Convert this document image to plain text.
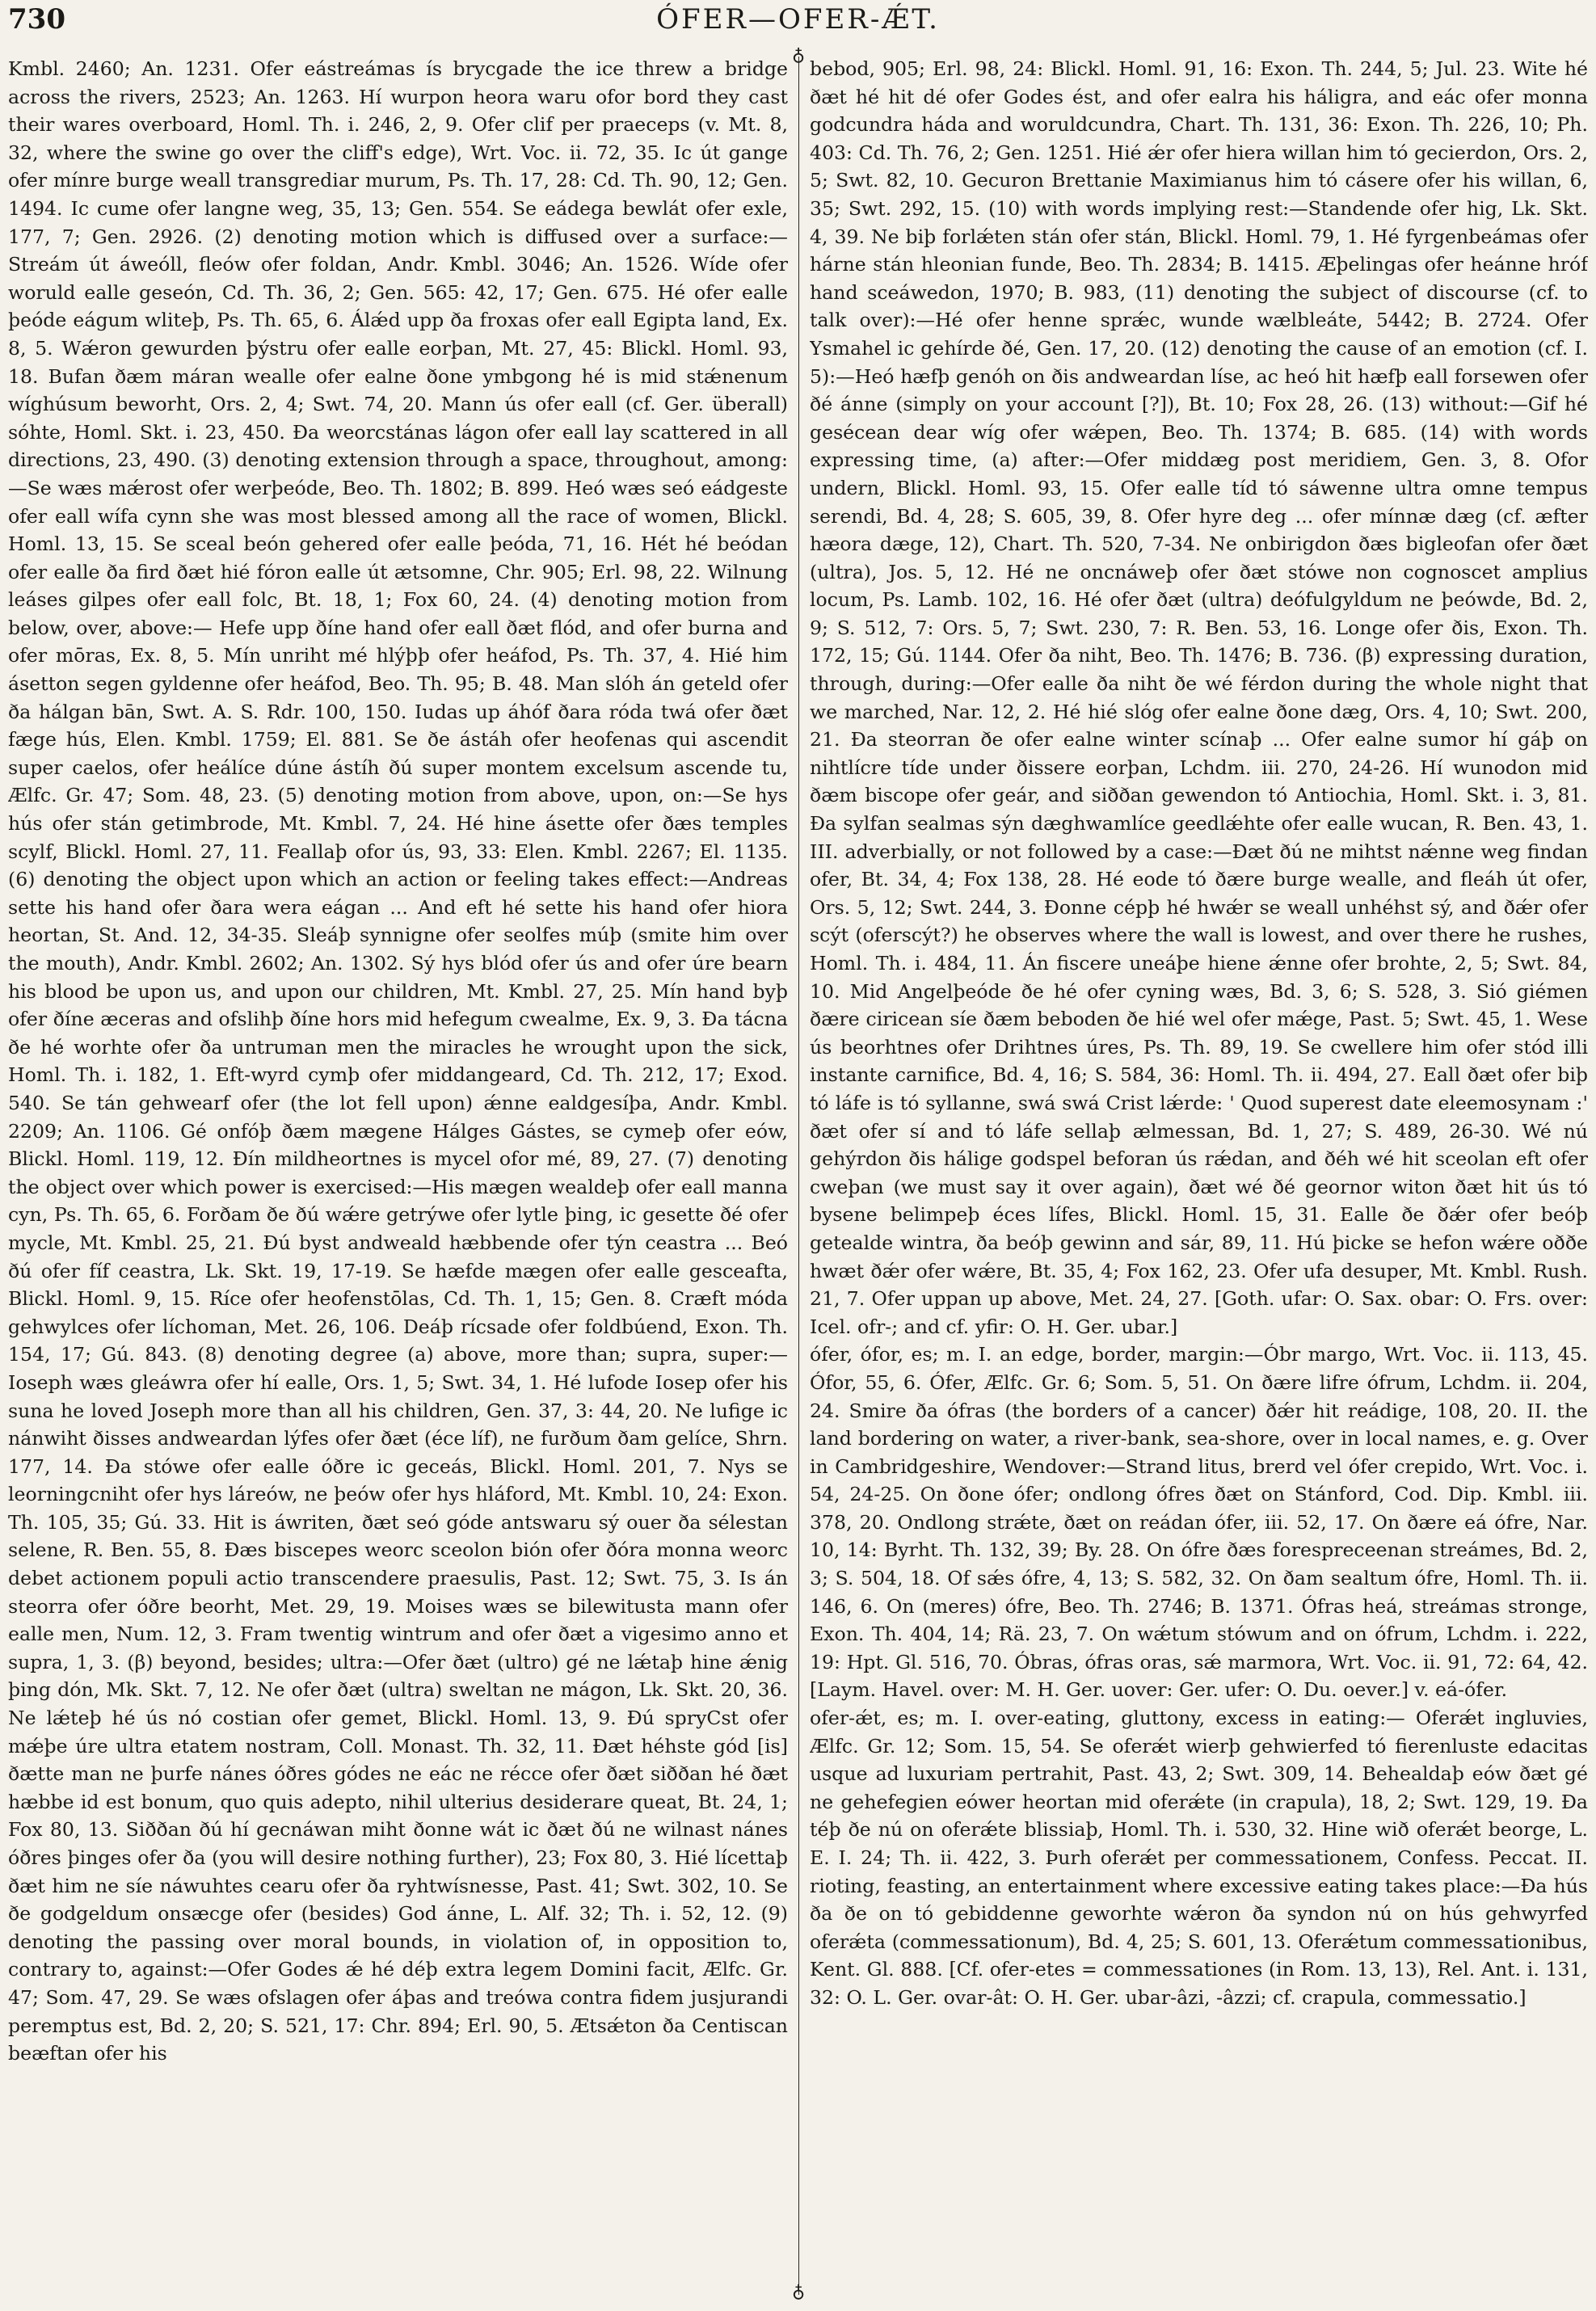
730	ÓFER—OFER-ǼT.
♁
♁

Kmbl. 2460; An. 1231. Ofer eástreámas ís brycgade the ice threw a bridge across the rivers, 2523; An. 1263. Hí wurpon heora waru ofor bord they cast their wares overboard, Homl. Th. i. 246, 2, 9. Ofer clif per praeceps (v. Mt. 8, 32, where the swine go over the cliff's edge), Wrt. Voc. ii. 72, 35. Ic út gange ofer mínre burge weall transgrediar murum, Ps. Th. 17, 28: Cd. Th. 90, 12; Gen. 1494. Ic cume ofer langne weg, 35, 13; Gen. 554. Se eádega bewlát ofer exle, 177, 7; Gen. 2926. (2) denoting motion which is diffused over a surface:— Streám út áweóll, fleów ofer foldan, Andr. Kmbl. 3046; An. 1526. Wíde ofer woruld ealle geseón, Cd. Th. 36, 2; Gen. 565: 42, 17; Gen. 675. Hé ofer ealle þeóde eágum wliteþ, Ps. Th. 65, 6. Álǽd upp ða froxas ofer eall Egipta land, Ex. 8, 5. Wǽron gewurden þýstru ofer ealle eorþan, Mt. 27, 45: Blickl. Homl. 93, 18. Bufan ðæm máran wealle ofer ealne ðone ymbgong hé is mid stǽnenum wíghúsum beworht, Ors. 2, 4; Swt. 74, 20. Mann ús ofer eall (cf. Ger. überall) sóhte, Homl. Skt. i. 23, 450. Ða weorcstánas lágon ofer eall lay scattered in all directions, 23, 490. (3) denoting extension through a space, throughout, among:—Se wæs mǽrost ofer werþeóde, Beo. Th. 1802; B. 899. Heó wæs seó eádgeste ofer eall wífa cynn she was most blessed among all the race of women, Blickl. Homl. 13, 15. Se sceal beón gehered ofer ealle þeóda, 71, 16. Hét hé beódan ofer ealle ða fird ðæt hié fóron ealle út ætsomne, Chr. 905; Erl. 98, 22. Wilnung leáses gilpes ofer eall folc, Bt. 18, 1; Fox 60, 24. (4) denoting motion from below, over, above:— Hefe upp ðíne hand ofer eall ðæt flód, and ofer burna and ofer mōras, Ex. 8, 5. Mín unriht mé hlýþþ ofer heáfod, Ps. Th. 37, 4. Hié him ásetton segen gyldenne ofer heáfod, Beo. Th. 95; B. 48. Man slóh án geteld ofer ða hálgan bān, Swt. A. S. Rdr. 100, 150. Iudas up áhóf ðara róda twá ofer ðæt fæge hús, Elen. Kmbl. 1759; El. 881. Se ðe ástáh ofer heofenas qui ascendit super caelos, ofer heálíce dúne ástíh ðú super montem excelsum ascende tu, Ælfc. Gr. 47; Som. 48, 23. (5) denoting motion from above, upon, on:—Se hys hús ofer stán getimbrode, Mt. Kmbl. 7, 24. Hé hine ásette ofer ðæs temples scylf, Blickl. Homl. 27, 11. Feallaþ ofor ús, 93, 33: Elen. Kmbl. 2267; El. 1135. (6) denoting the object upon which an action or feeling takes effect:—Andreas sette his hand ofer ðara wera eágan ... And eft hé sette his hand ofer hiora heortan, St. And. 12, 34-35. Sleáþ synnigne ofer seolfes múþ (smite him over the mouth), Andr. Kmbl. 2602; An. 1302. Sý hys blód ofer ús and ofer úre bearn his blood be upon us, and upon our children, Mt. Kmbl. 27, 25. Mín hand byþ ofer ðíne æceras and ofslihþ ðíne hors mid hefegum cwealme, Ex. 9, 3. Ða tácna ðe hé worhte ofer ða untruman men the miracles he wrought upon the sick, Homl. Th. i. 182, 1. Eft-wyrd cymþ ofer middangeard, Cd. Th. 212, 17; Exod. 540. Se tán gehwearf ofer (the lot fell upon) ǽnne ealdgesíþa, Andr. Kmbl. 2209; An. 1106. Gé onfóþ ðæm mægene Hálges Gástes, se cymeþ ofer eów, Blickl. Homl. 119, 12. Ðín mildheortnes is mycel ofor mé, 89, 27. (7) denoting the object over which power is exercised:—His mægen wealdeþ ofer eall manna cyn, Ps. Th. 65, 6. Forðam ðe ðú wǽre getrýwe ofer lytle þing, ic gesette ðé ofer mycle, Mt. Kmbl. 25, 21. Ðú byst andweald hæbbende ofer týn ceastra ... Beó ðú ofer fíf ceastra, Lk. Skt. 19, 17-19. Se hæfde mægen ofer ealle gesceafta, Blickl. Homl. 9, 15. Ríce ofer heofenstōlas, Cd. Th. 1, 15; Gen. 8. Cræft móda gehwylces ofer líchoman, Met. 26, 106. Deáþ rícsade ofer foldbúend, Exon. Th. 154, 17; Gú. 843. (8) denoting degree (a) above, more than; supra, super:—Ioseph wæs gleáwra ofer hí ealle, Ors. 1, 5; Swt. 34, 1. Hé lufode Iosep ofer his suna he loved Joseph more than all his children, Gen. 37, 3: 44, 20. Ne lufige ic nánwiht ðisses andweardan lýfes ofer ðæt (éce líf), ne furðum ðam gelíce, Shrn. 177, 14. Ða stówe ofer ealle óðre ic geceás, Blickl. Homl. 201, 7. Nys se leorningcniht ofer hys láreów, ne þeów ofer hys hláford, Mt. Kmbl. 10, 24: Exon. Th. 105, 35; Gú. 33. Hit is áwriten, ðæt seó góde antswaru sý ouer ða sélestan selene, R. Ben. 55, 8. Ðæs biscepes weorc sceolon bión ofer ðóra monna weorc debet actionem populi actio transcendere praesulis, Past. 12; Swt. 75, 3. Is án steorra ofer óðre beorht, Met. 29, 19. Moises wæs se bilewitusta mann ofer ealle men, Num. 12, 3. Fram twentig wintrum and ofer ðæt a vigesimo anno et supra, 1, 3. (β) beyond, besides; ultra:—Ofer ðæt (ultro) gé ne lǽtaþ hine ǽnig þing dón, Mk. Skt. 7, 12. Ne ofer ðæt (ultra) sweltan ne mágon, Lk. Skt. 20, 36. Ne lǽteþ hé ús nó costian ofer gemet, Blickl. Homl. 13, 9. Ðú spryCst ofer mǽþe úre ultra etatem nostram, Coll. Monast. Th. 32, 11. Ðæt héhste gód [is] ðætte man ne þurfe nánes óðres gódes ne eác ne récce ofer ðæt siððan hé ðæt hæbbe id est bonum, quo quis adepto, nihil ulterius desiderare queat, Bt. 24, 1; Fox 80, 13. Siððan ðú hí gecnáwan miht ðonne wát ic ðæt ðú ne wilnast nánes óðres þinges ofer ða (you will desire nothing further), 23; Fox 80, 3. Hié lícettaþ ðæt him ne síe náwuhtes cearu ofer ða ryhtwísnesse, Past. 41; Swt. 302, 10. Se ðe godgeldum onsæcge ofer (besides) God ánne, L. Alf. 32; Th. i. 52, 12. (9) denoting the passing over moral bounds, in violation of, in opposition to, contrary to, against:—Ofer Godes ǽ hé déþ extra legem Domini facit, Ælfc. Gr. 47; Som. 47, 29. Se wæs ofslagen ofer áþas and treówa contra fidem jusjurandi peremptus est, Bd. 2, 20; S. 521, 17: Chr. 894; Erl. 90, 5. Ætsǽton ða Centiscan beæftan ofer his

bebod, 905; Erl. 98, 24: Blickl. Homl. 91, 16: Exon. Th. 244, 5; Jul. 23. Wite hé ðæt hé hit dé ofer Godes ést, and ofer ealra his háligra, and eác ofer monna godcundra háda and woruldcundra, Chart. Th. 131, 36: Exon. Th. 226, 10; Ph. 403: Cd. Th. 76, 2; Gen. 1251. Hié ǽr ofer hiera willan him tó gecierdon, Ors. 2, 5; Swt. 82, 10. Gecuron Brettanie Maximianus him tó cásere ofer his willan, 6, 35; Swt. 292, 15. (10) with words implying rest:—Standende ofer hig, Lk. Skt. 4, 39. Ne biþ forlǽten stán ofer stán, Blickl. Homl. 79, 1. Hé fyrgenbeámas ofer hárne stán hleonian funde, Beo. Th. 2834; B. 1415. Æþelingas ofer heánne hróf hand sceáwedon, 1970; B. 983, (11) denoting the subject of discourse (cf. to talk over):—Hé ofer henne sprǽc, wunde wælbleáte, 5442; B. 2724. Ofer Ysmahel ic gehírde ðé, Gen. 17, 20. (12) denoting the cause of an emotion (cf. I. 5):—Heó hæfþ genóh on ðis andweardan líse, ac heó hit hæfþ eall forsewen ofer ðé ánne (simply on your account [?]), Bt. 10; Fox 28, 26. (13) without:—Gif hé gesécean dear wíg ofer wǽpen, Beo. Th. 1374; B. 685. (14) with words expressing time, (a) after:—Ofer middæg post meridiem, Gen. 3, 8. Ofor undern, Blickl. Homl. 93, 15. Ofer ealle tíd tó sáwenne ultra omne tempus serendi, Bd. 4, 28; S. 605, 39, 8. Ofer hyre deg ... ofer mínnæ dæg (cf. æfter hæora dæge, 12), Chart. Th. 520, 7-34. Ne onbirigdon ðæs bigleofan ofer ðæt (ultra), Jos. 5, 12. Hé ne oncnáweþ ofer ðæt stówe non cognoscet amplius locum, Ps. Lamb. 102, 16. Hé ofer ðæt (ultra) deófulgyldum ne þeówde, Bd. 2, 9; S. 512, 7: Ors. 5, 7; Swt. 230, 7: R. Ben. 53, 16. Longe ofer ðis, Exon. Th. 172, 15; Gú. 1144. Ofer ða niht, Beo. Th. 1476; B. 736. (β) expressing duration, through, during:—Ofer ealle ða niht ðe wé férdon during the whole night that we marched, Nar. 12, 2. Hé hié slóg ofer ealne ðone dæg, Ors. 4, 10; Swt. 200, 21. Ða steorran ðe ofer ealne winter scínaþ ... Ofer ealne sumor hí gáþ on nihtlícre tíde under ðissere eorþan, Lchdm. iii. 270, 24-26. Hí wunodon mid ðæm biscope ofer geár, and siððan gewendon tó Antiochia, Homl. Skt. i. 3, 81. Ða sylfan sealmas sýn dæghwamlíce geedlǽhte ofer ealle wucan, R. Ben. 43, 1. III. adverbially, or not followed by a case:—Ðæt ðú ne mihtst nǽnne weg findan ofer, Bt. 34, 4; Fox 138, 28. Hé eode tó ðære burge wealle, and fleáh út ofer, Ors. 5, 12; Swt. 244, 3. Ðonne cépþ hé hwǽr se weall unhéhst sý, and ðǽr ofer scýt (oferscýt?) he observes where the wall is lowest, and over there he rushes, Homl. Th. i. 484, 11. Án fiscere uneáþe hiene ǽnne ofer brohte, 2, 5; Swt. 84, 10. Mid Angelþeóde ðe hé ofer cyning wæs, Bd. 3, 6; S. 528, 3. Sió giémen ðære ciricean síe ðæm beboden ðe hié wel ofer mǽge, Past. 5; Swt. 45, 1. Wese ús beorhtnes ofer Drihtnes úres, Ps. Th. 89, 19. Se cwellere him ofer stód illi instante carnifice, Bd. 4, 16; S. 584, 36: Homl. Th. ii. 494, 27. Eall ðæt ofer biþ tó láfe is tó syllanne, swá swá Crist lǽrde: ' Quod superest date eleemosynam :' ðæt ofer sí and tó láfe sellaþ ælmessan, Bd. 1, 27; S. 489, 26-30. Wé nú gehýrdon ðis hálige godspel beforan ús rǽdan, and ðéh wé hit sceolan eft ofer cweþan (we must say it over again), ðæt wé ðé geornor witon ðæt hit ús tó bysene belimpeþ éces lífes, Blickl. Homl. 15, 31. Ealle ðe ðǽr ofer beóþ getealde wintra, ða beóþ gewinn and sár, 89, 11. Hú þicke se hefon wǽre oððe hwæt ðǽr ofer wǽre, Bt. 35, 4; Fox 162, 23. Ofer ufa desuper, Mt. Kmbl. Rush. 21, 7. Ofer uppan up above, Met. 24, 27. [Goth. ufar: O. Sax. obar: O. Frs. over: Icel. ofr-; and cf. yfir: O. H. Ger. ubar.]

ófer, ófor, es; m. I. an edge, border, margin:—Óbr margo, Wrt. Voc. ii. 113, 45. Ófor, 55, 6. Ófer, Ælfc. Gr. 6; Som. 5, 51. On ðære lifre ófrum, Lchdm. ii. 204, 24. Smire ða ófras (the borders of a cancer) ðǽr hit reádige, 108, 20. II. the land bordering on water, a river-bank, sea-shore, over in local names, e. g. Over in Cambridgeshire, Wendover:—Strand litus, brerd vel ófer crepido, Wrt. Voc. i. 54, 24-25. On ðone ófer; ondlong ófres ðæt on Stánford, Cod. Dip. Kmbl. iii. 378, 20. Ondlong strǽte, ðæt on reádan ófer, iii. 52, 17. On ðære eá ófre, Nar. 10, 14: Byrht. Th. 132, 39; By. 28. On ófre ðæs forespreceenan streámes, Bd. 2, 3; S. 504, 18. Of sǽs ófre, 4, 13; S. 582, 32. On ðam sealtum ófre, Homl. Th. ii. 146, 6. On (meres) ófre, Beo. Th. 2746; B. 1371. Ófras heá, streámas stronge, Exon. Th. 404, 14; Rä. 23, 7. On wǽtum stówum and on ófrum, Lchdm. i. 222, 19: Hpt. Gl. 516, 70. Óbras, ófras oras, sǽ marmora, Wrt. Voc. ii. 91, 72: 64, 42. [Laym. Havel. over: M. H. Ger. uover: Ger. ufer: O. Du. oever.] v. eá-ófer.

ofer-ǽt, es; m. I. over-eating, gluttony, excess in eating:— Oferǽt ingluvies, Ælfc. Gr. 12; Som. 15, 54. Se oferǽt wierþ gehwierfed tó fierenluste edacitas usque ad luxuriam pertrahit, Past. 43, 2; Swt. 309, 14. Behealdaþ eów ðæt gé ne gehefegien eówer heortan mid oferǽte (in crapula), 18, 2; Swt. 129, 19. Ða téþ ðe nú on oferǽte blissiaþ, Homl. Th. i. 530, 32. Hine wið oferǽt beorge, L. E. I. 24; Th. ii. 422, 3. Þurh oferǽt per commessationem, Confess. Peccat. II. rioting, feasting, an entertainment where excessive eating takes place:—Ða hús ða ðe on tó gebiddenne geworhte wǽron ða syndon nú on hús gehwyrfed oferǽta (commessationum), Bd. 4, 25; S. 601, 13. Oferǽtum commessationibus, Kent. Gl. 888. [Cf. ofer-etes = commessationes (in Rom. 13, 13), Rel. Ant. i. 131, 32: O. L. Ger. ovar-ât: O. H. Ger. ubar-âzi, -âzzi; cf. crapula, commessatio.]
